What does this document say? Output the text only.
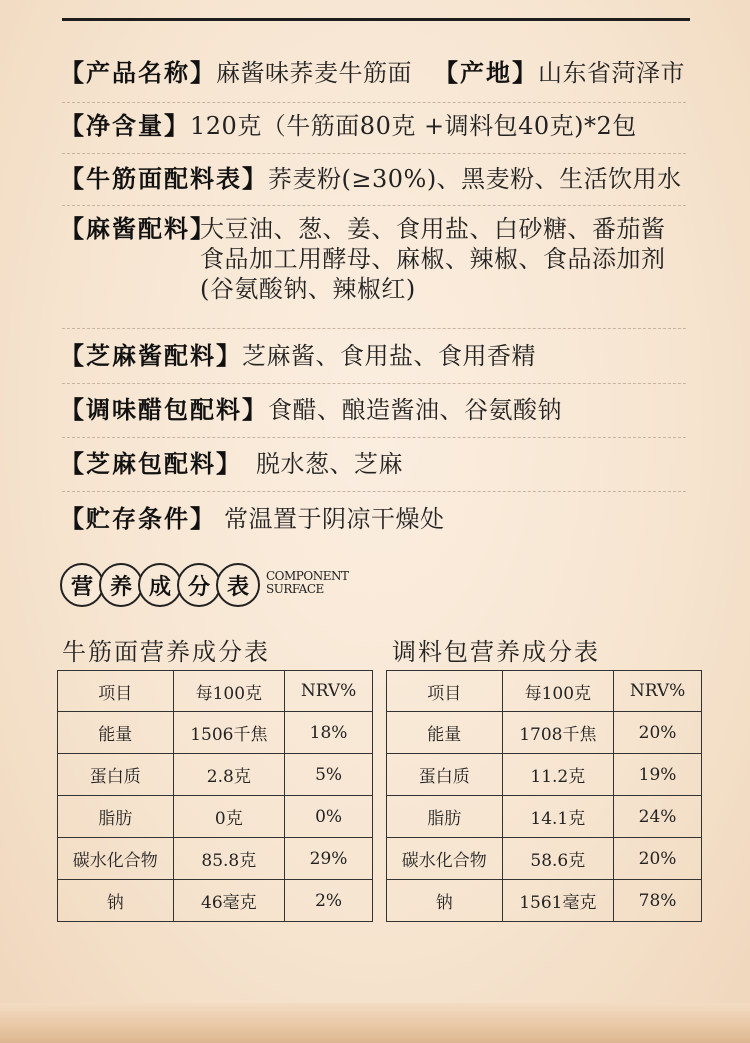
【产品名称】麻酱味荞麦牛筋面 【产地】山东省菏泽市
【净含量】120克（牛筋面80克 +调料包40克)*2包
【牛筋面配料表】荞麦粉(≥30%)、黑麦粉、生活饮用水
【麻酱配料】
大豆油、葱、姜、食用盐、白砂糖、番茄酱
食品加工用酵母、麻椒、辣椒、食品添加剂
(谷氨酸钠、辣椒红)
【芝麻酱配料】芝麻酱、食用盐、食用香精
【调味醋包配料】食醋、酿造酱油、谷氨酸钠
【芝麻包配料】 脱水葱、芝麻
【贮存条件】 常温置于阴凉干燥处
营 养 成 分 表	COMPONENT
SURFACE
牛筋面营养成分表	调料包营养成分表
项目	每100克	NRV%
能量	1506千焦	18%
蛋白质	2.8克	5%
脂肪	0克	0%
碳水化合物	85.8克	29%
钠	46毫克	2%
项目	每100克	NRV%
能量	1708千焦	20%
蛋白质	11.2克	19%
脂肪	14.1克	24%
碳水化合物	58.6克	20%
钠	1561毫克	78%
